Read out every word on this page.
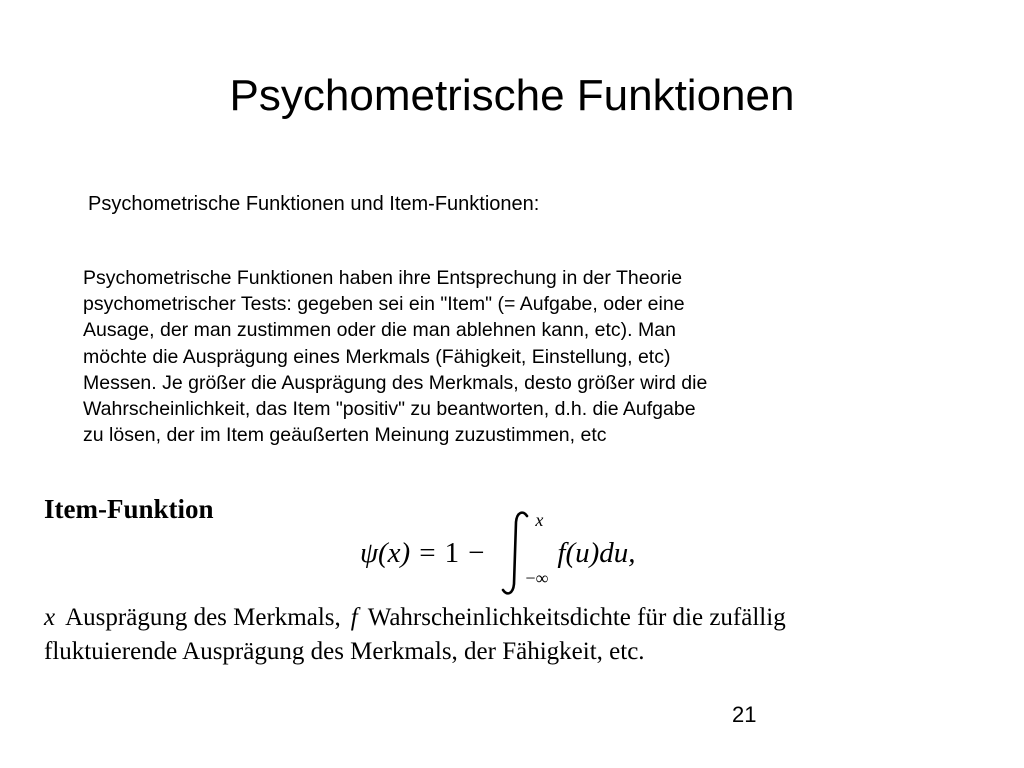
Psychometrische Funktionen
Psychometrische Funktionen und Item-Funktionen:
Psychometrische Funktionen haben ihre Entsprechung in der Theorie
psychometrischer Tests: gegeben sei ein "Item" (= Aufgabe, oder eine
Ausage, der man zustimmen oder die man ablehnen kann, etc). Man
möchte die Ausprägung eines Merkmals (Fähigkeit, Einstellung, etc)
Messen. Je größer die Ausprägung des Merkmals, desto größer wird die
Wahrscheinlichkeit, das Item "positiv" zu beantworten, d.h. die Aufgabe
zu lösen, der im Item geäußerten Meinung zuzustimmen, etc
Item-Funktion
ψ(x) = 1 −
x
−∞
f(u)du,
x Ausprägung des Merkmals, f Wahrscheinlichkeitsdichte für die zufällig
fluktuierende Ausprägung des Merkmals, der Fähigkeit, etc.
21
